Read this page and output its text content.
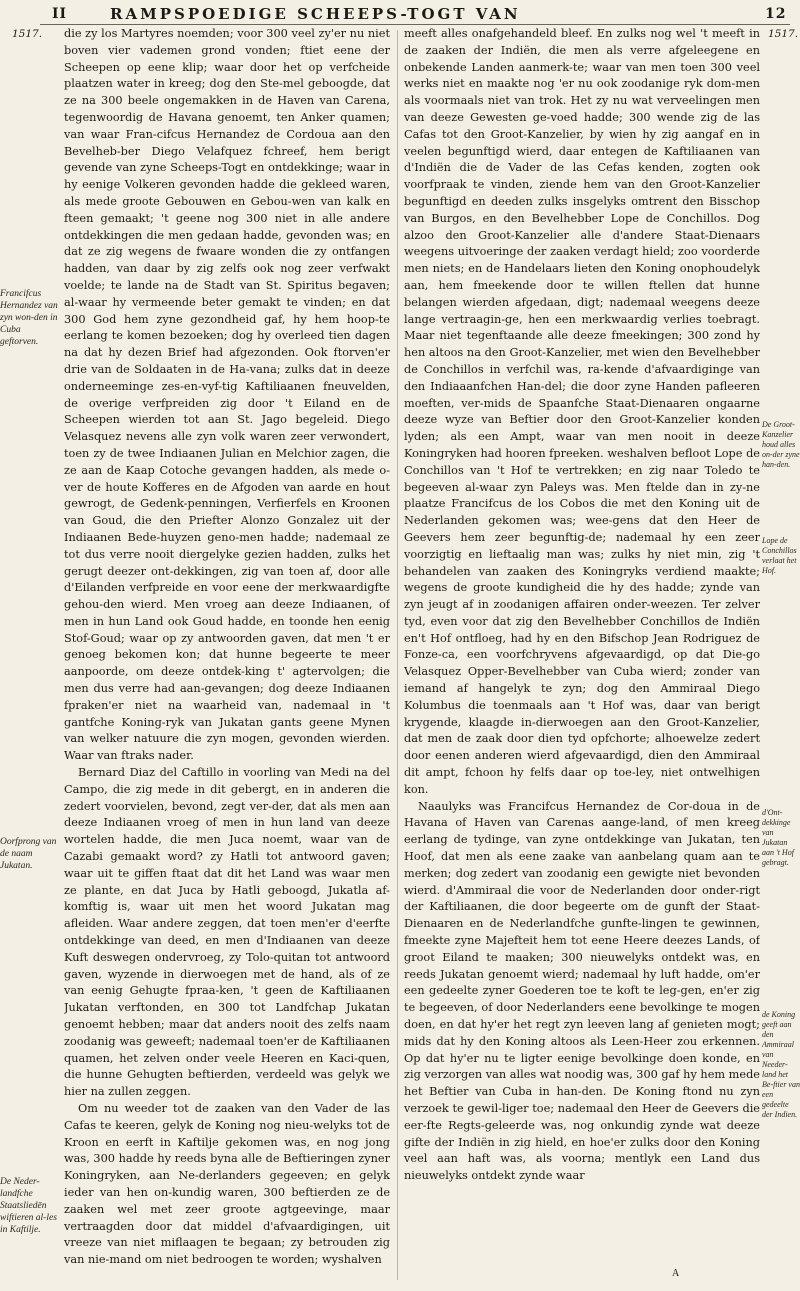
II	RAMPSPOEDIGE SCHEEPS-TOGT VAN	12
1517.	1517.
Francifcus Hernandez van zyn won-den in Cuba geftorven.
Oorfprong van de naam Jukatan.
De Neder-landfche Staatsliedēn wiftieren al-les in Kaftilje.
De Groot-Kanzelier houd alles on-der zyne han-den.
Lope de Conchillos verlaat het Hof.
d'Ont-dekkinge van Jukatan aan 't Hof gebragt.
de Koning geeft aan den Ammiraal van Needer-land het Be-ftier van een gedeelte der Indien.

die zy los Martyres noemden; voor 300 veel zy'er nu niet boven vier vademen grond vonden; ftiet eene der Scheepen op eene klip; waar door het op verfcheide plaatzen water in kreeg; dog den Ste-mel geboogde, dat ze na 300 beele ongemakken in de Haven van Carena, tegenwoordig de Havana genoemt, ten Anker quamen; van waar Fran-cifcus Hernandez de Cordoua aan den Bevelheb-ber Diego Velafquez fchreef, hem berigt gevende van zyne Scheeps-Togt en ontdekkinge; waar in hy eenige Volkeren gevonden hadde die gekleed waren, als mede groote Gebouwen en Gebou-wen van kalk en fteen gemaakt; 't geene nog 300 niet in alle andere ontdekkingen die men gedaan hadde, gevonden was; en dat ze zig wegens de fwaare wonden die zy ontfangen hadden, van daar by zig zelfs ook nog zeer verfwakt voelde; te lande na de Stadt van St. Spiritus begaven; al-waar hy vermeende beter gemakt te vinden; en dat 300 God hem zyne gezondheid gaf, hy hem hoop-te eerlang te komen bezoeken; dog hy overleed tien dagen na dat hy dezen Brief had afgezonden. Ook ftorven'er drie van de Soldaaten in de Ha-vana; zulks dat in deeze onderneeminge zes-en-vyf-tig Kaftiliaanen fneuvelden, de overige verfpreiden zig door 't Eiland en de Scheepen wierden tot aan St. Jago begeleid. Diego Velasquez nevens alle zyn volk waren zeer verwondert, toen zy de twee Indiaanen Julian en Melchior zagen, die ze aan de Kaap Cotoche gevangen hadden, als mede o-ver de houte Kofferes en de Afgoden van aarde en hout gewrogt, de Gedenk-penningen, Verfierfels en Kroonen van Goud, die den Priefter Alonzo Gonzalez uit der Indiaanen Bede-huyzen geno-men hadde; nademaal ze tot dus verre nooit diergelyke gezien hadden, zulks het gerugt deezer ont-dekkingen, zig van toen af, door alle d'Eilanden verfpreide en voor eene der merkwaardigfte gehou-den wierd. Men vroeg aan deeze Indiaanen, of men in hun Land ook Goud hadde, en toonde hen eenig Stof-Goud; waar op zy antwoorden gaven, dat men 't er genoeg bekomen kon; dat hunne begeerte te meer aanpoorde, om deeze ontdek-king t' agtervolgen; die men dus verre had aan-gevangen; dog deeze Indiaanen fpraken'er niet na waarheid van, nademaal in 't gantfche Koning-ryk van Jukatan gants geene Mynen van welker natuure die zyn mogen, gevonden wierden. Waar van ftraks nader.

Bernard Diaz del Caftillo in voorling van Medi na del Campo, die zig mede in dit gebergt, en in anderen die zedert voorvielen, bevond, zegt ver-der, dat als men aan deeze Indiaanen vroeg of men in hun land van deeze wortelen hadde, die men Juca noemt, waar van de Cazabi gemaakt word? zy Hatli tot antwoord gaven; waar uit te giffen ftaat dat dit het Land was waar men ze plante, en dat Juca by Hatli geboogd, Jukatla af-komftig is, waar uit men het woord Jukatan mag afleiden. Waar andere zeggen, dat toen men'er d'eerfte ontdekkinge van deed, en men d'Indiaanen van deeze Kuft deswegen ondervroeg, zy Tolo-quitan tot antwoord gaven, wyzende in dierwoegen met de hand, als of ze van eenig Gehugte fpraa-ken, 't geen de Kaftiliaanen Jukatan verftonden, en 300 tot Landfchap Jukatan genoemt hebben; maar dat anders nooit des zelfs naam zoodanig was geweeft; nademaal toen'er de Kaftiliaanen quamen, het zelven onder veele Heeren en Kaci-quen, die hunne Gehugten beftierden, verdeeld was gelyk we hier na zullen zeggen.

Om nu weeder tot de zaaken van den Vader de las Cafas te keeren, gelyk de Koning nog nieu-welyks tot de Kroon en eerft in Kaftilje gekomen was, en nog jong was, 300 hadde hy reeds byna alle de Beftieringen zyner Koningryken, aan Ne-derlanders gegeeven; en gelyk ieder van hen on-kundig waren, 300 beftierden ze de zaaken wel met zeer groote agtgeevinge, maar vertraagden door dat middel d'afvaardigingen, uit vreeze van niet miflaagen te begaan; zy betrouden zig van nie-mand om niet bedroogen te worden; wyshalven

meeft alles onafgehandeld bleef. En zulks nog wel 't meeft in de zaaken der Indiën, die men als verre afgeleegene en onbekende Landen aanmerk-te; waar van men toen 300 veel werks niet en maakte nog 'er nu ook zoodanige ryk dom-men als voormaals niet van trok. Het zy nu wat verveelingen men van deeze Gewesten ge-voed hadde; 300 wende zig de las Cafas tot den Groot-Kanzelier, by wien hy zig aangaf en in veelen begunftigd wierd, daar entegen de Kaftiliaanen van d'Indiën die de Vader de las Cefas kenden, zogten ook voorfpraak te vinden, ziende hem van den Groot-Kanzelier begunftigd en deeden zulks insgelyks omtrent den Bisschop van Burgos, en den Bevelhebber Lope de Conchillos. Dog alzoo den Groot-Kanzelier alle d'andere Staat-Dienaars weegens uitvoeringe der zaaken verdagt hield; zoo voorderde men niets; en de Handelaars lieten den Koning onophoudelyk aan, hem fmeekende door te willen ftellen dat hunne belangen wierden afgedaan, digt; nademaal weegens deeze lange vertraagin-ge, hen een merkwaardig verlies toebragt. Maar niet tegenftaande alle deeze fmeekingen; 300 zond hy hen altoos na den Groot-Kanzelier, met wien den Bevelhebber de Conchillos in verfchil was, ra-kende d'afvaardiginge van den Indiaaanfchen Han-del; die door zyne Handen pafleeren moeften, ver-mids de Spaanfche Staat-Dienaaren ongaarne deeze wyze van Beftier door den Groot-Kanzelier konden lyden; als een Ampt, waar van men nooit in deeze Koningryken had hooren fpreeken. weshalven befloot Lope de Conchillos van 't Hof te vertrekken; en zig naar Toledo te begeeven al-waar zyn Paleys was. Men ftelde dan in zy-ne plaatze Francifcus de los Cobos die met den Koning uit de Nederlanden gekomen was; wee-gens dat den Heer de Geevers hem zeer begunftig-de; nademaal hy een zeer voorzigtig en lieftaalig man was; zulks hy niet min, zig 't behandelen van zaaken des Koningryks verdiend maakte; wegens de groote kundigheid die hy des hadde; zynde van zyn jeugt af in zoodanigen affairen onder-weezen. Ter zelver tyd, even voor dat zig den Bevelhebber Conchillos de Indiën en't Hof ontfloeg, had hy en den Bifschop Jean Rodriguez de Fonze-ca, een voorfchryvens afgevaardigd, op dat Die-go Velasquez Opper-Bevelhebber van Cuba wierd; zonder van iemand af hangelyk te zyn; dog den Ammiraal Diego Kolumbus die toenmaals aan 't Hof was, daar van berigt krygende, klaagde in-dierwoegen aan den Groot-Kanzelier, dat men de zaak door dien tyd opfchorte; alhoewelze zedert door eenen anderen wierd afgevaardigd, dien den Ammiraal dit ampt, fchoon hy felfs daar op toe-ley, niet ontwelhigen kon.

Naaulyks was Francifcus Hernandez de Cor-doua in de Havana of Haven van Carenas aange-land, of men kreeg eerlang de tydinge, van zyne ontdekkinge van Jukatan, ten Hoof, dat men als eene zaake van aanbelang quam aan te merken; dog zedert van zoodanig een gewigte niet bevonden wierd. d'Ammiraal die voor de Nederlanden door onder-rigt der Kaftiliaanen, die door begeerte om de gunft der Staat-Dienaaren en de Nederlandfche gunfte-lingen te gewinnen, fmeekte zyne Majefteit hem tot eene Heere deezes Lands, of groot Eiland te maaken; 300 nieuwelyks ontdekt was, en reeds Jukatan genoemt wierd; nademaal hy luft hadde, om'er een gedeelte zyner Goederen toe te koft te leg-gen, en'er zig te begeeven, of door Nederlanders eene bevolkinge te mogen doen, en dat hy'er het regt zyn leeven lang af genieten mogt; mids dat hy den Koning altoos als Leen-Heer zou erkennen. Op dat hy'er nu te ligter eenige bevolkinge doen konde, en zig verzorgen van alles wat noodig was, 300 gaf hy hem mede het Beftier van Cuba in han-den. De Koning ftond nu zyn verzoek te gewil-liger toe; nademaal den Heer de Geevers die eer-fte Regts-geleerde was, nog onkundig zynde wat deeze gifte der Indiën in zig hield, en hoe'er zulks door den Koning veel aan haft was, als voorna; mentlyk een Land dus nieuwelyks ontdekt zynde waar

A
